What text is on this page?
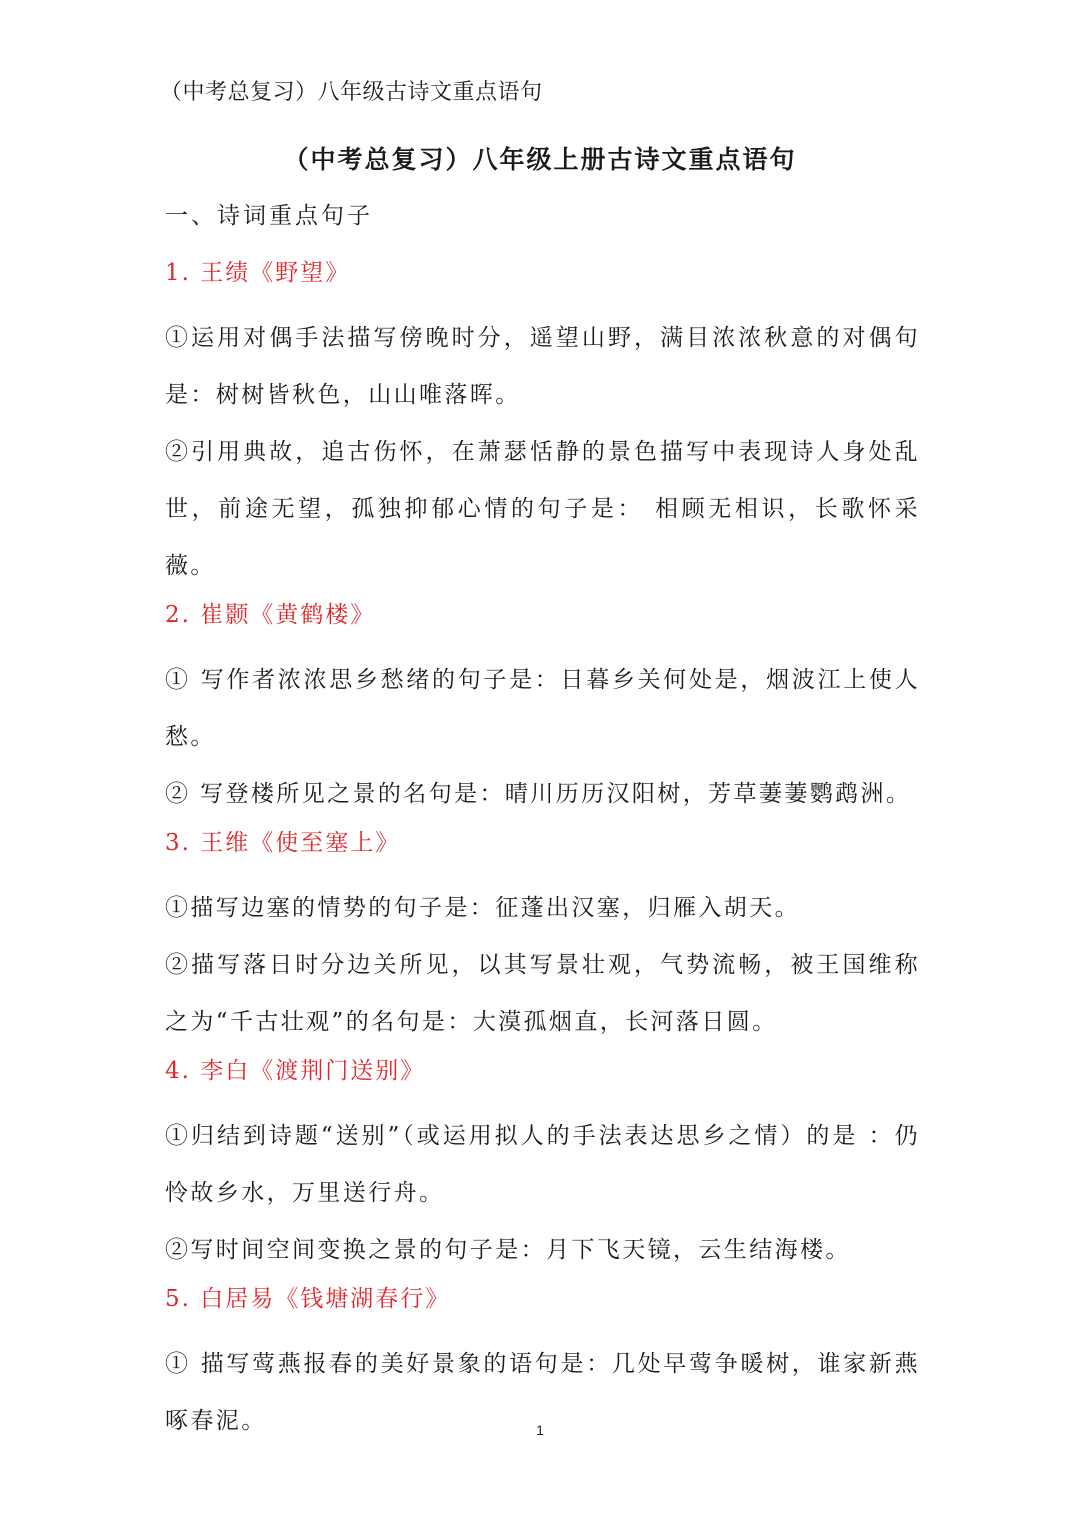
（中考总复习）八年级古诗文重点语句
（中考总复习）八年级上册古诗文重点语句

一、诗词重点句子

1. 王绩《野望》

①运用对偶手法描写傍晚时分，遥望山野，满目浓浓秋意的对偶句是：树树皆秋色，山山唯落晖。

②引用典故，追古伤怀，在萧瑟恬静的景色描写中表现诗人身处乱世，前途无望，孤独抑郁心情的句子是： 相顾无相识，长歌怀采薇。

2. 崔颢《黄鹤楼》

① 写作者浓浓思乡愁绪的句子是：日暮乡关何处是，烟波江上使人愁。

② 写登楼所见之景的名句是：晴川历历汉阳树，芳草萋萋鹦鹉洲。

3. 王维《使至塞上》

①描写边塞的情势的句子是：征蓬出汉塞，归雁入胡天。

②描写落日时分边关所见，以其写景壮观，气势流畅，被王国维称之为“千古壮观”的名句是：大漠孤烟直，长河落日圆。

4. 李白《渡荆门送别》

①归结到诗题“送别”（或运用拟人的手法表达思乡之情）的是 ：仍怜故乡水，万里送行舟。

②写时间空间变换之景的句子是：月下飞天镜，云生结海楼。

5. 白居易《钱塘湖春行》

① 描写莺燕报春的美好景象的语句是：几处早莺争暖树，谁家新燕啄春泥。	1
